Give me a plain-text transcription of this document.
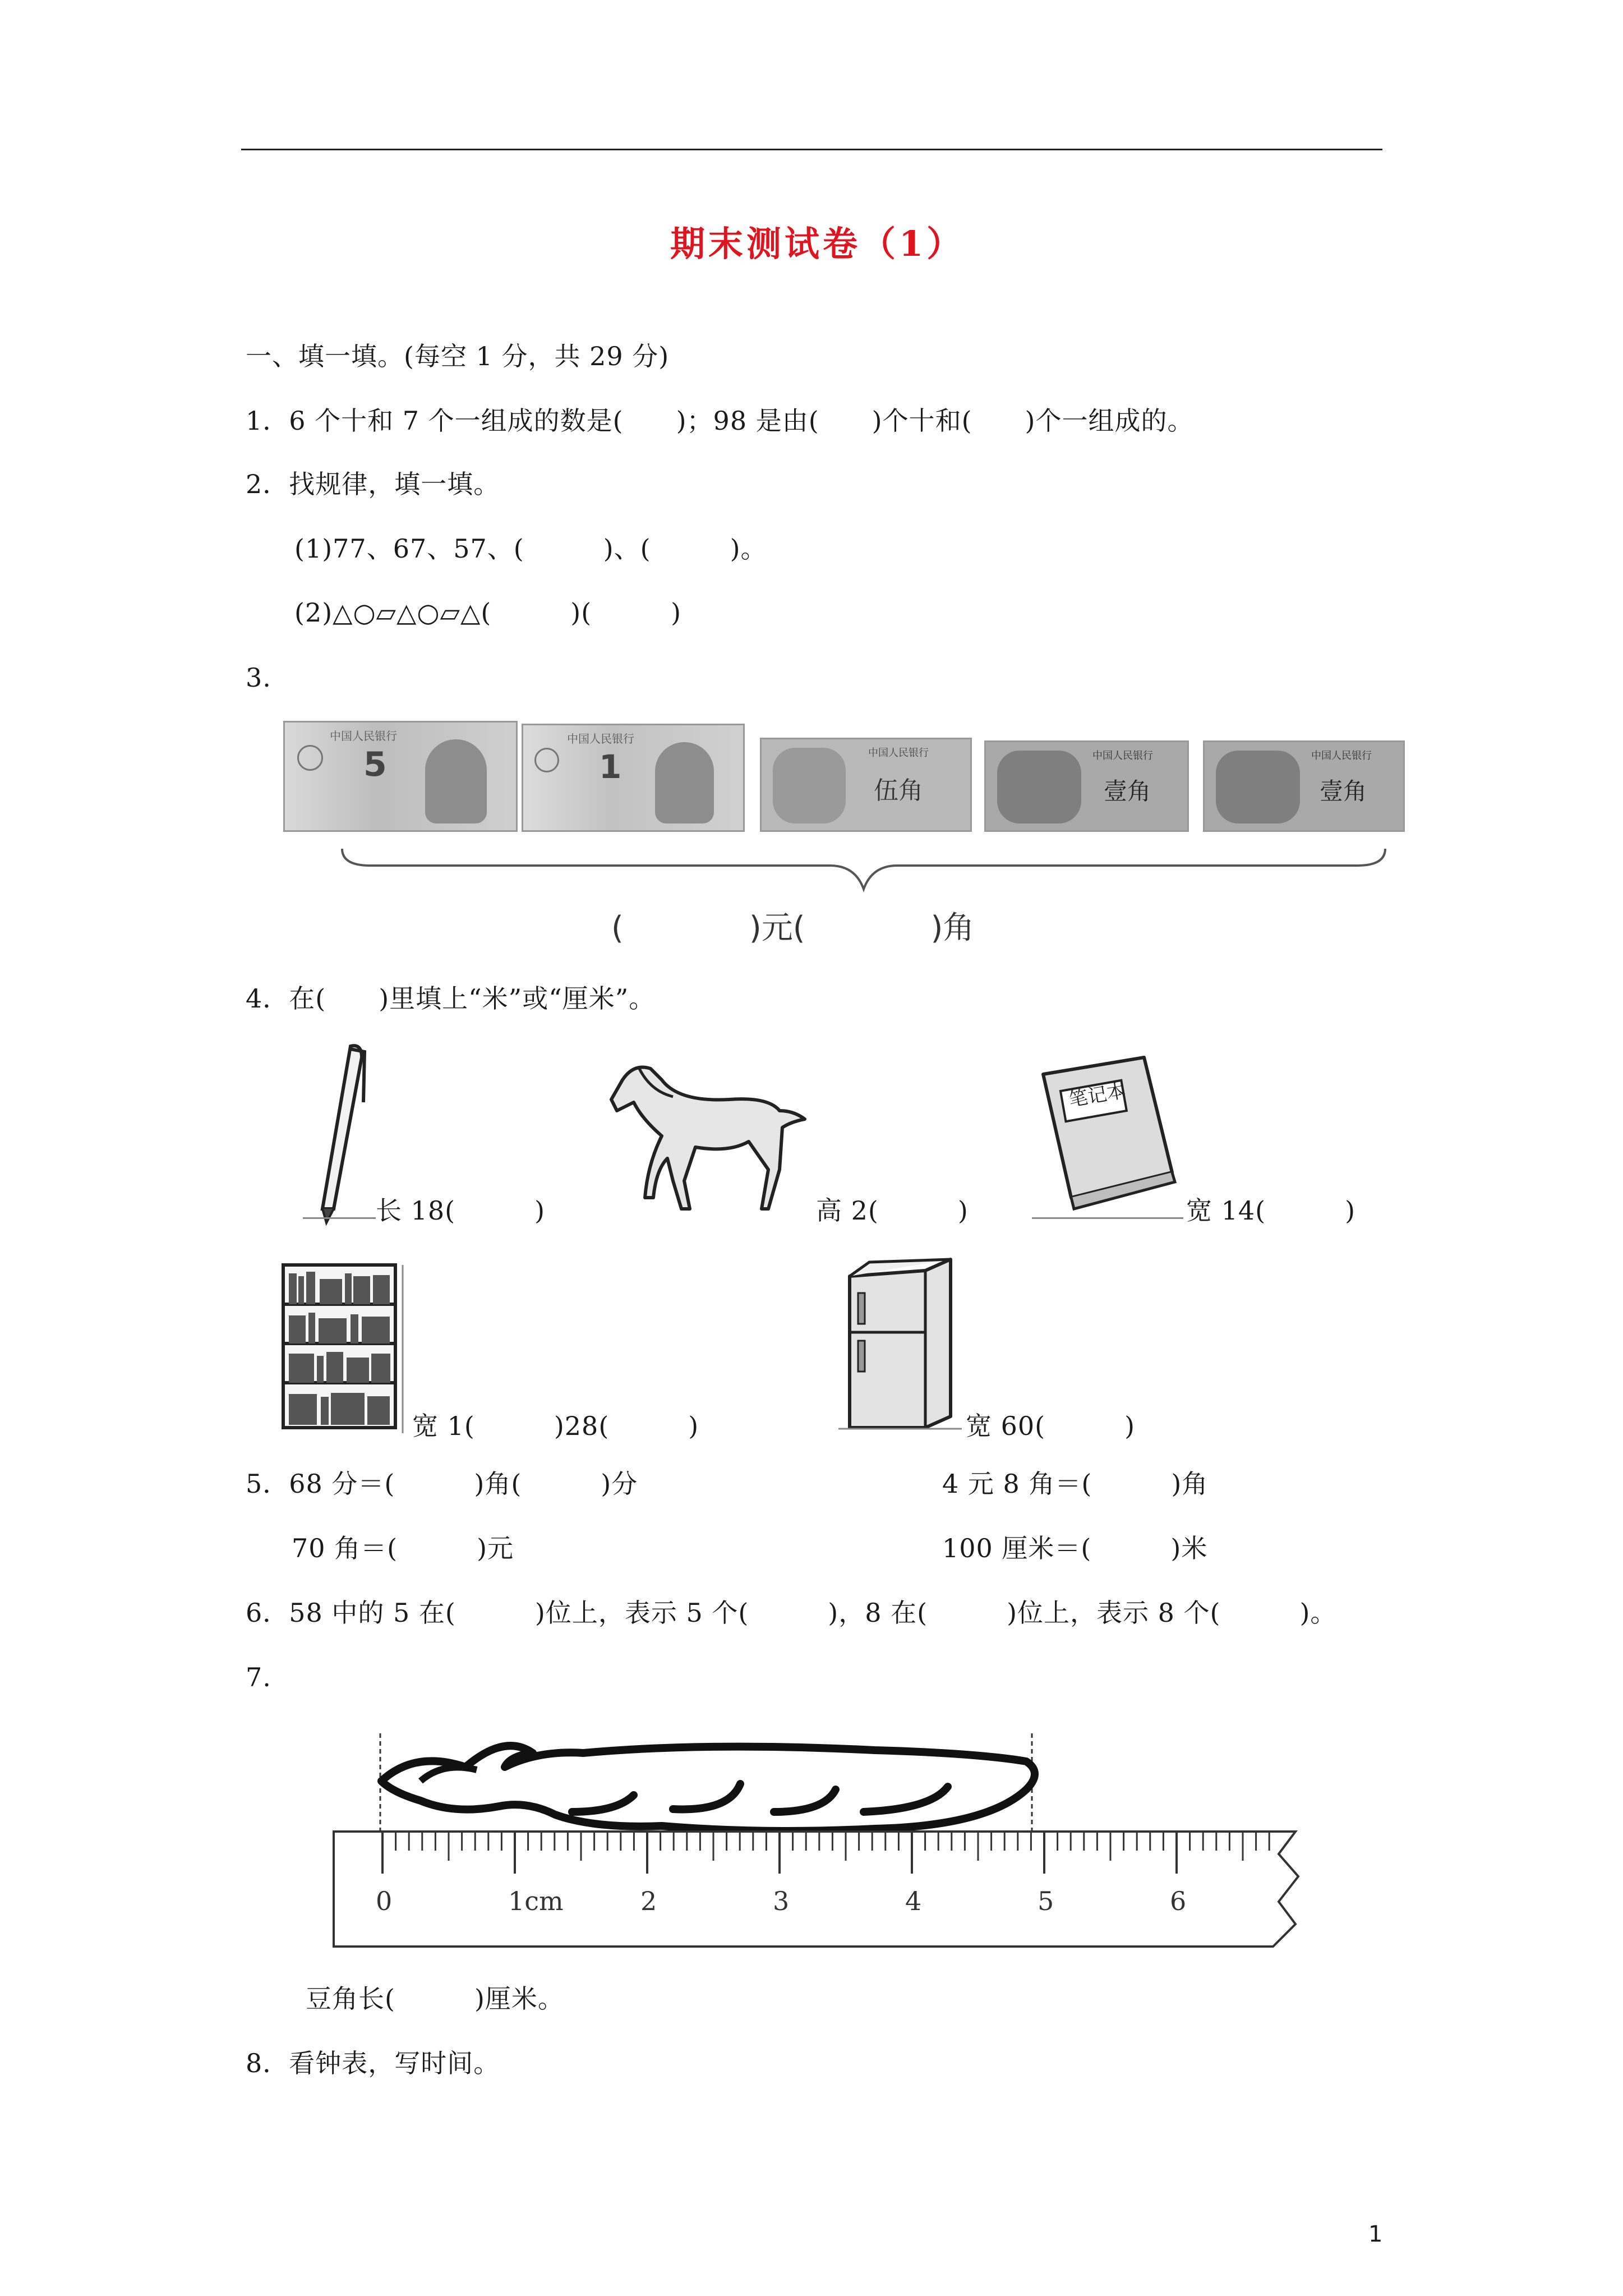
期末测试卷（1）
一、填一填。(每空 1 分，共 29 分)
1．6 个十和 7 个一组成的数是(　　)；98 是由(　　)个十和(　　)个一组成的。
2．找规律，填一填。
(1)77、67、57、(　　　)、(　　　)。
(2)△○▱△○▱△(　　　)(　　　)
3.
中国人民银行
5
中国人民银行
1	中国人民银行
伍角
中国人民银行
壹角
中国人民银行
壹角
(　　　　)元(　　　　)角
4．在(　　)里填上“米”或“厘米”。
长 18(　　　)	高 2(　　　)
笔记本
宽 14(　　　)
宽 1(　　　)28(　　　)	宽 60(　　　)
5．68 分＝(　　　)角(　　　)分	4 元 8 角＝(　　　)角
70 角＝(　　　)元	100 厘米＝(　　　)米
6．58 中的 5 在(　　　)位上，表示 5 个(　　　)，8 在(　　　)位上，表示 8 个(　　　)。
7.
0	1cm	2	3	4	5	6
豆角长(　　　)厘米。
8．看钟表，写时间。
1
